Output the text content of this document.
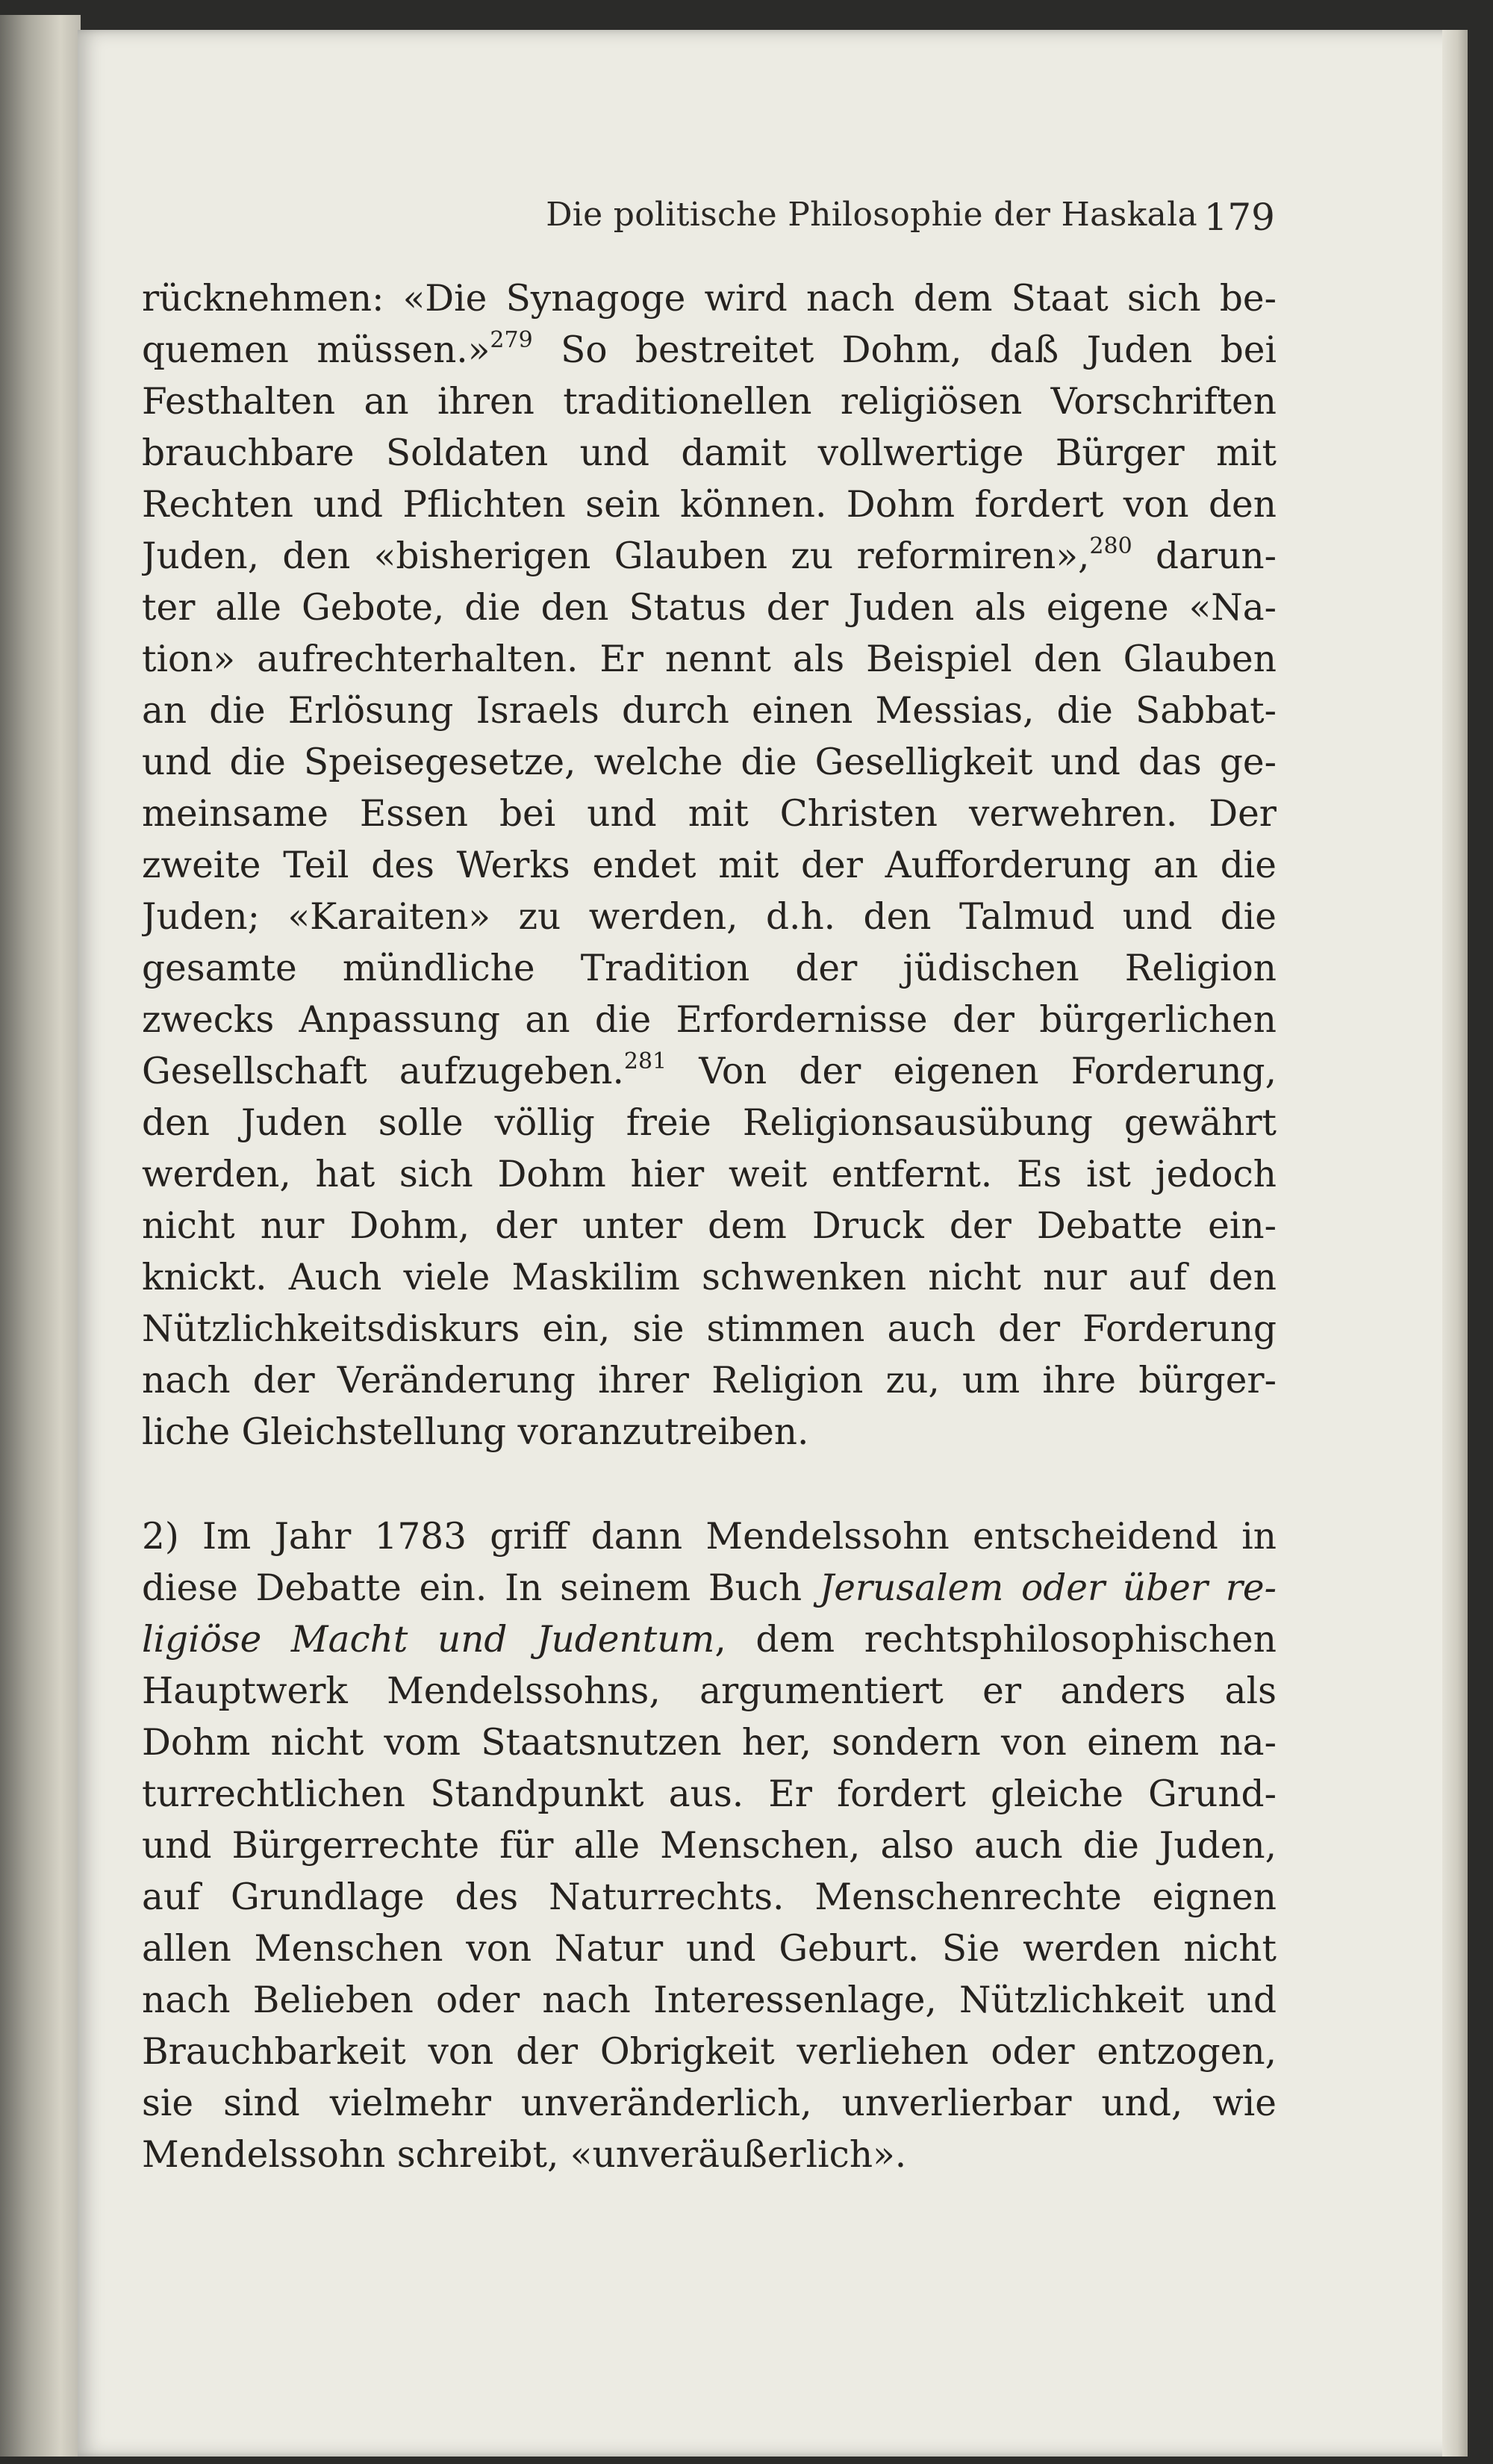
Die politische Philosophie der Haskala 179
rücknehmen: «Die Synagoge wird nach dem Staat sich be-
quemen müssen.»$^{279}$ So bestreitet Dohm, daß Juden bei
Festhalten an ihren traditionellen religiösen Vorschriften
brauchbare Soldaten und damit vollwertige Bürger mit
Rechten und Pflichten sein können. Dohm fordert von den
Juden, den «bisherigen Glauben zu reformiren»,$^{280}$ darun-
ter alle Gebote, die den Status der Juden als eigene «Na-
tion» aufrechterhalten. Er nennt als Beispiel den Glauben
an die Erlösung Israels durch einen Messias, die Sabbat-
und die Speisegesetze, welche die Geselligkeit und das ge-
meinsame Essen bei und mit Christen verwehren. Der
zweite Teil des Werks endet mit der Aufforderung an die
Juden; «Karaiten» zu werden, d.h. den Talmud und die
gesamte mündliche Tradition der jüdischen Religion
zwecks Anpassung an die Erfordernisse der bürgerlichen
Gesellschaft aufzugeben.$^{281}$ Von der eigenen Forderung,
den Juden solle völlig freie Religionsausübung gewährt
werden, hat sich Dohm hier weit entfernt. Es ist jedoch
nicht nur Dohm, der unter dem Druck der Debatte ein-
knickt. Auch viele Maskilim schwenken nicht nur auf den
Nützlichkeitsdiskurs ein, sie stimmen auch der Forderung
nach der Veränderung ihrer Religion zu, um ihre bürger-
liche Gleichstellung voranzutreiben.
2) Im Jahr 1783 griff dann Mendelssohn entscheidend in
diese Debatte ein. In seinem Buch Jerusalem oder über re-
ligiöse Macht und Judentum, dem rechtsphilosophischen
Hauptwerk Mendelssohns, argumentiert er anders als
Dohm nicht vom Staatsnutzen her, sondern von einem na-
turrechtlichen Standpunkt aus. Er fordert gleiche Grund-
und Bürgerrechte für alle Menschen, also auch die Juden,
auf Grundlage des Naturrechts. Menschenrechte eignen
allen Menschen von Natur und Geburt. Sie werden nicht
nach Belieben oder nach Interessenlage, Nützlichkeit und
Brauchbarkeit von der Obrigkeit verliehen oder entzogen,
sie sind vielmehr unveränderlich, unverlierbar und, wie
Mendelssohn schreibt, «unveräußerlich».
